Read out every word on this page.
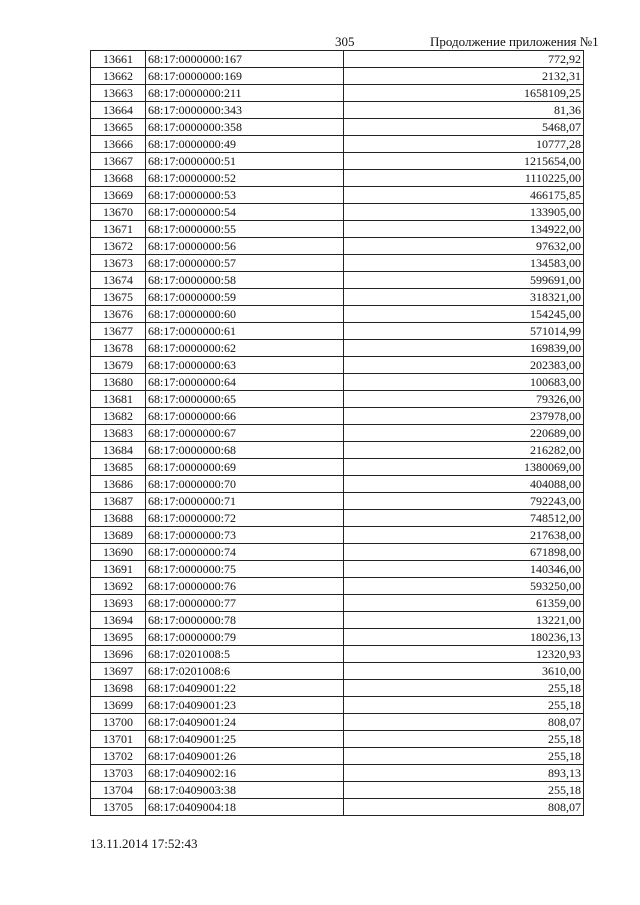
305	Продолжение приложения №1
13661	68:17:0000000:167	772,92
13662	68:17:0000000:169	2132,31
13663	68:17:0000000:211	1658109,25
13664	68:17:0000000:343	81,36
13665	68:17:0000000:358	5468,07
13666	68:17:0000000:49	10777,28
13667	68:17:0000000:51	1215654,00
13668	68:17:0000000:52	1110225,00
13669	68:17:0000000:53	466175,85
13670	68:17:0000000:54	133905,00
13671	68:17:0000000:55	134922,00
13672	68:17:0000000:56	97632,00
13673	68:17:0000000:57	134583,00
13674	68:17:0000000:58	599691,00
13675	68:17:0000000:59	318321,00
13676	68:17:0000000:60	154245,00
13677	68:17:0000000:61	571014,99
13678	68:17:0000000:62	169839,00
13679	68:17:0000000:63	202383,00
13680	68:17:0000000:64	100683,00
13681	68:17:0000000:65	79326,00
13682	68:17:0000000:66	237978,00
13683	68:17:0000000:67	220689,00
13684	68:17:0000000:68	216282,00
13685	68:17:0000000:69	1380069,00
13686	68:17:0000000:70	404088,00
13687	68:17:0000000:71	792243,00
13688	68:17:0000000:72	748512,00
13689	68:17:0000000:73	217638,00
13690	68:17:0000000:74	671898,00
13691	68:17:0000000:75	140346,00
13692	68:17:0000000:76	593250,00
13693	68:17:0000000:77	61359,00
13694	68:17:0000000:78	13221,00
13695	68:17:0000000:79	180236,13
13696	68:17:0201008:5	12320,93
13697	68:17:0201008:6	3610,00
13698	68:17:0409001:22	255,18
13699	68:17:0409001:23	255,18
13700	68:17:0409001:24	808,07
13701	68:17:0409001:25	255,18
13702	68:17:0409001:26	255,18
13703	68:17:0409002:16	893,13
13704	68:17:0409003:38	255,18
13705	68:17:0409004:18	808,07
13.11.2014 17:52:43
